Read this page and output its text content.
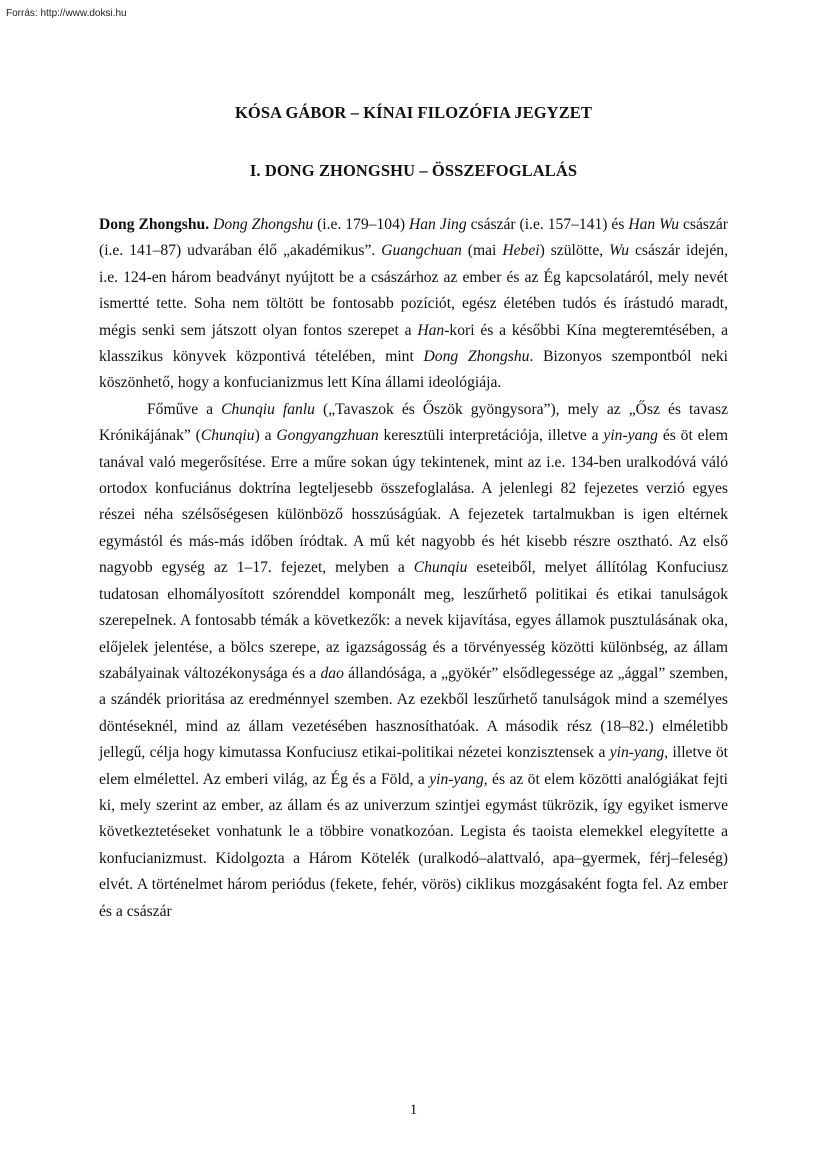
Forrás: http://www.doksi.hu
KÓSA GÁBOR – KÍNAI FILOZÓFIA JEGYZET
I. DONG ZHONGSHU – ÖSSZEFOGLALÁS

Dong Zhongshu. Dong Zhongshu (i.e. 179–104) Han Jing császár (i.e. 157–141) és Han Wu császár (i.e. 141–87) udvarában élő „akadémikus”. Guangchuan (mai Hebei) szülötte, Wu császár idején, i.e. 124-en három beadványt nyújtott be a császárhoz az ember és az Ég kapcsolatáról, mely nevét ismertté tette. Soha nem töltött be fontosabb pozíciót, egész életében tudós és írástudó maradt, mégis senki sem játszott olyan fontos szerepet a Han-kori és a későbbi Kína megteremtésében, a klasszikus könyvek központivá tételében, mint Dong Zhongshu. Bizonyos szempontból neki köszönhető, hogy a konfucianizmus lett Kína állami ideológiája.

Főműve a Chunqiu fanlu („Tavaszok és Őszök gyöngysora”), mely az „Ősz és tavasz Krónikájának” (Chunqiu) a Gongyangzhuan keresztüli interpretációja, illetve a yin-yang és öt elem tanával való megerősítése. Erre a műre sokan úgy tekintenek, mint az i.e. 134-ben uralkodóvá váló ortodox konfuciánus doktrína legteljesebb összefoglalása. A jelenlegi 82 fejezetes verzió egyes részei néha szélsőségesen különböző hosszúságúak. A fejezetek tartalmukban is igen eltérnek egymástól és más-más időben íródtak. A mű két nagyobb és hét kisebb részre osztható. Az első nagyobb egység az 1–17. fejezet, melyben a Chunqiu eseteiből, melyet állítólag Konfuciusz tudatosan elhomályosított szórenddel komponált meg, leszűrhető politikai és etikai tanulságok szerepelnek. A fontosabb témák a következők: a nevek kijavítása, egyes államok pusztulásának oka, előjelek jelentése, a bölcs szerepe, az igazságosság és a törvényesség közötti különbség, az állam szabályainak változékonysága és a dao állandósága, a „gyökér” elsődlegessége az „ággal” szemben, a szándék prioritása az eredménnyel szemben. Az ezekből leszűrhető tanulságok mind a személyes döntéseknél, mind az állam vezetésében hasznosíthatóak. A második rész (18–82.) elméletibb jellegű, célja hogy kimutassa Konfuciusz etikai-politikai nézetei konzisztensek a yin-yang, illetve öt elem elmélettel. Az emberi világ, az Ég és a Föld, a yin-yang, és az öt elem közötti analógiákat fejti ki, mely szerint az ember, az állam és az univerzum szintjei egymást tükrözik, így egyiket ismerve következtetéseket vonhatunk le a többire vonatkozóan. Legista és taoista elemekkel elegyítette a konfucianizmust. Kidolgozta a Három Kötelék (uralkodó–alattvaló, apa–gyermek, férj–feleség) elvét. A történelmet három periódus (fekete, fehér, vörös) ciklikus mozgásaként fogta fel. Az ember és a császár

1
